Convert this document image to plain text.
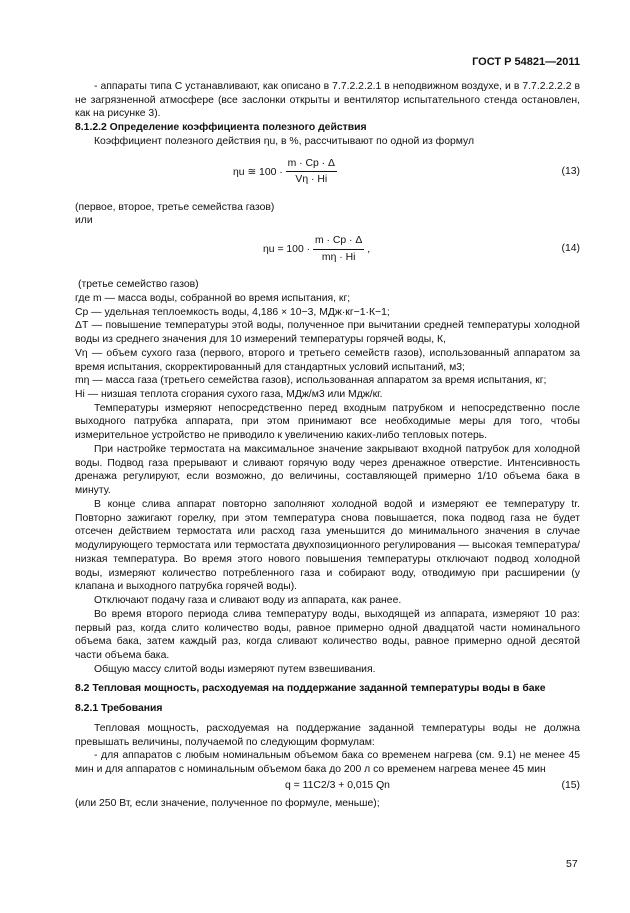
ГОСТ Р 54821—2011

- аппараты типа С устанавливают, как описано в 7.7.2.2.2.1 в неподвижном воздухе, и в 7.7.2.2.2.2 в не загрязненной атмосфере (все заслонки открыты и вентилятор испытательного стенда остановлен, как на рисунке 3).

8.1.2.2 Определение коэффициента полезного действия

Коэффициент полезного действия ηu, в %, рассчитывают по одной из формул

ηu ≅ $100 \cdot \frac{m \cdot Cp \cdot \Delta}{V\eta \cdot Hi}$	(13)

(первое, второе, третье семейства газов)

или

$\eta u = 100 \cdot \frac{m \cdot Cp \cdot \Delta}{m\eta \cdot Hi}$ ,	(14)

(третье семейство газов)

где m — масса воды, собранной во время испытания, кг;

Cp — удельная теплоемкость воды, 4,186 × 10−3, МДж·кг−1·К−1;

ΔT — повышение температуры этой воды, полученное при вычитании средней температуры холодной воды из среднего значения для 10 измерений температуры горячей воды, К,

Vη — объем сухого газа (первого, второго и третьего семейств газов), использованный аппаратом за время испытания, скорректированный для стандартных условий испытаний, м3;

mη — масса газа (третьего семейства газов), использованная аппаратом за время испытания, кг;

Hi — низшая теплота сгорания сухого газа, МДж/м3 или Мдж/кг.

Температуры измеряют непосредственно перед входным патрубком и непосредственно после выходного патрубка аппарата, при этом принимают все необходимые меры для того, чтобы измерительное устройство не приводило к увеличению каких-либо тепловых потерь.

При настройке термостата на максимальное значение закрывают входной патрубок для холодной воды. Подвод газа прерывают и сливают горячую воду через дренажное отверстие. Интенсивность дренажа регулируют, если возможно, до величины, составляющей примерно 1/10 объема бака в минуту.

В конце слива аппарат повторно заполняют холодной водой и измеряют ее температуру tr. Повторно зажигают горелку, при этом температура снова повышается, пока подвод газа не будет отсечен действием термостата или расход газа уменьшится до минимального значения в случае модулирующего термостата или термостата двухпозиционного регулирования — высокая температура/низкая температура. Во время этого нового повышения температуры отключают подвод холодной воды, измеряют количество потребленного газа и собирают воду, отводимую при расширении (у клапана и выходного патрубка горячей воды).

Отключают подачу газа и сливают воду из аппарата, как ранее.

Во время второго периода слива температуру воды, выходящей из аппарата, измеряют 10 раз: первый раз, когда слито количество воды, равное примерно одной двадцатой части номинального объема бака, затем каждый раз, когда сливают количество воды, равное примерно одной десятой части объема бака.

Общую массу слитой воды измеряют путем взвешивания.

8.2 Тепловая мощность, расходуемая на поддержание заданной температуры воды в баке

8.2.1 Требования

Тепловая мощность, расходуемая на поддержание заданной температуры воды не должна превышать величины, получаемой по следующим формулам:

- для аппаратов с любым номинальным объемом бака со временем нагрева (см. 9.1) не менее 45 мин и для аппаратов с номинальным объемом бака до 200 л со временем нагрева менее 45 мин

q = 11C2/3 + 0,015 Qn	(15)

(или 250 Вт, если значение, полученное по формуле, меньше);

57
